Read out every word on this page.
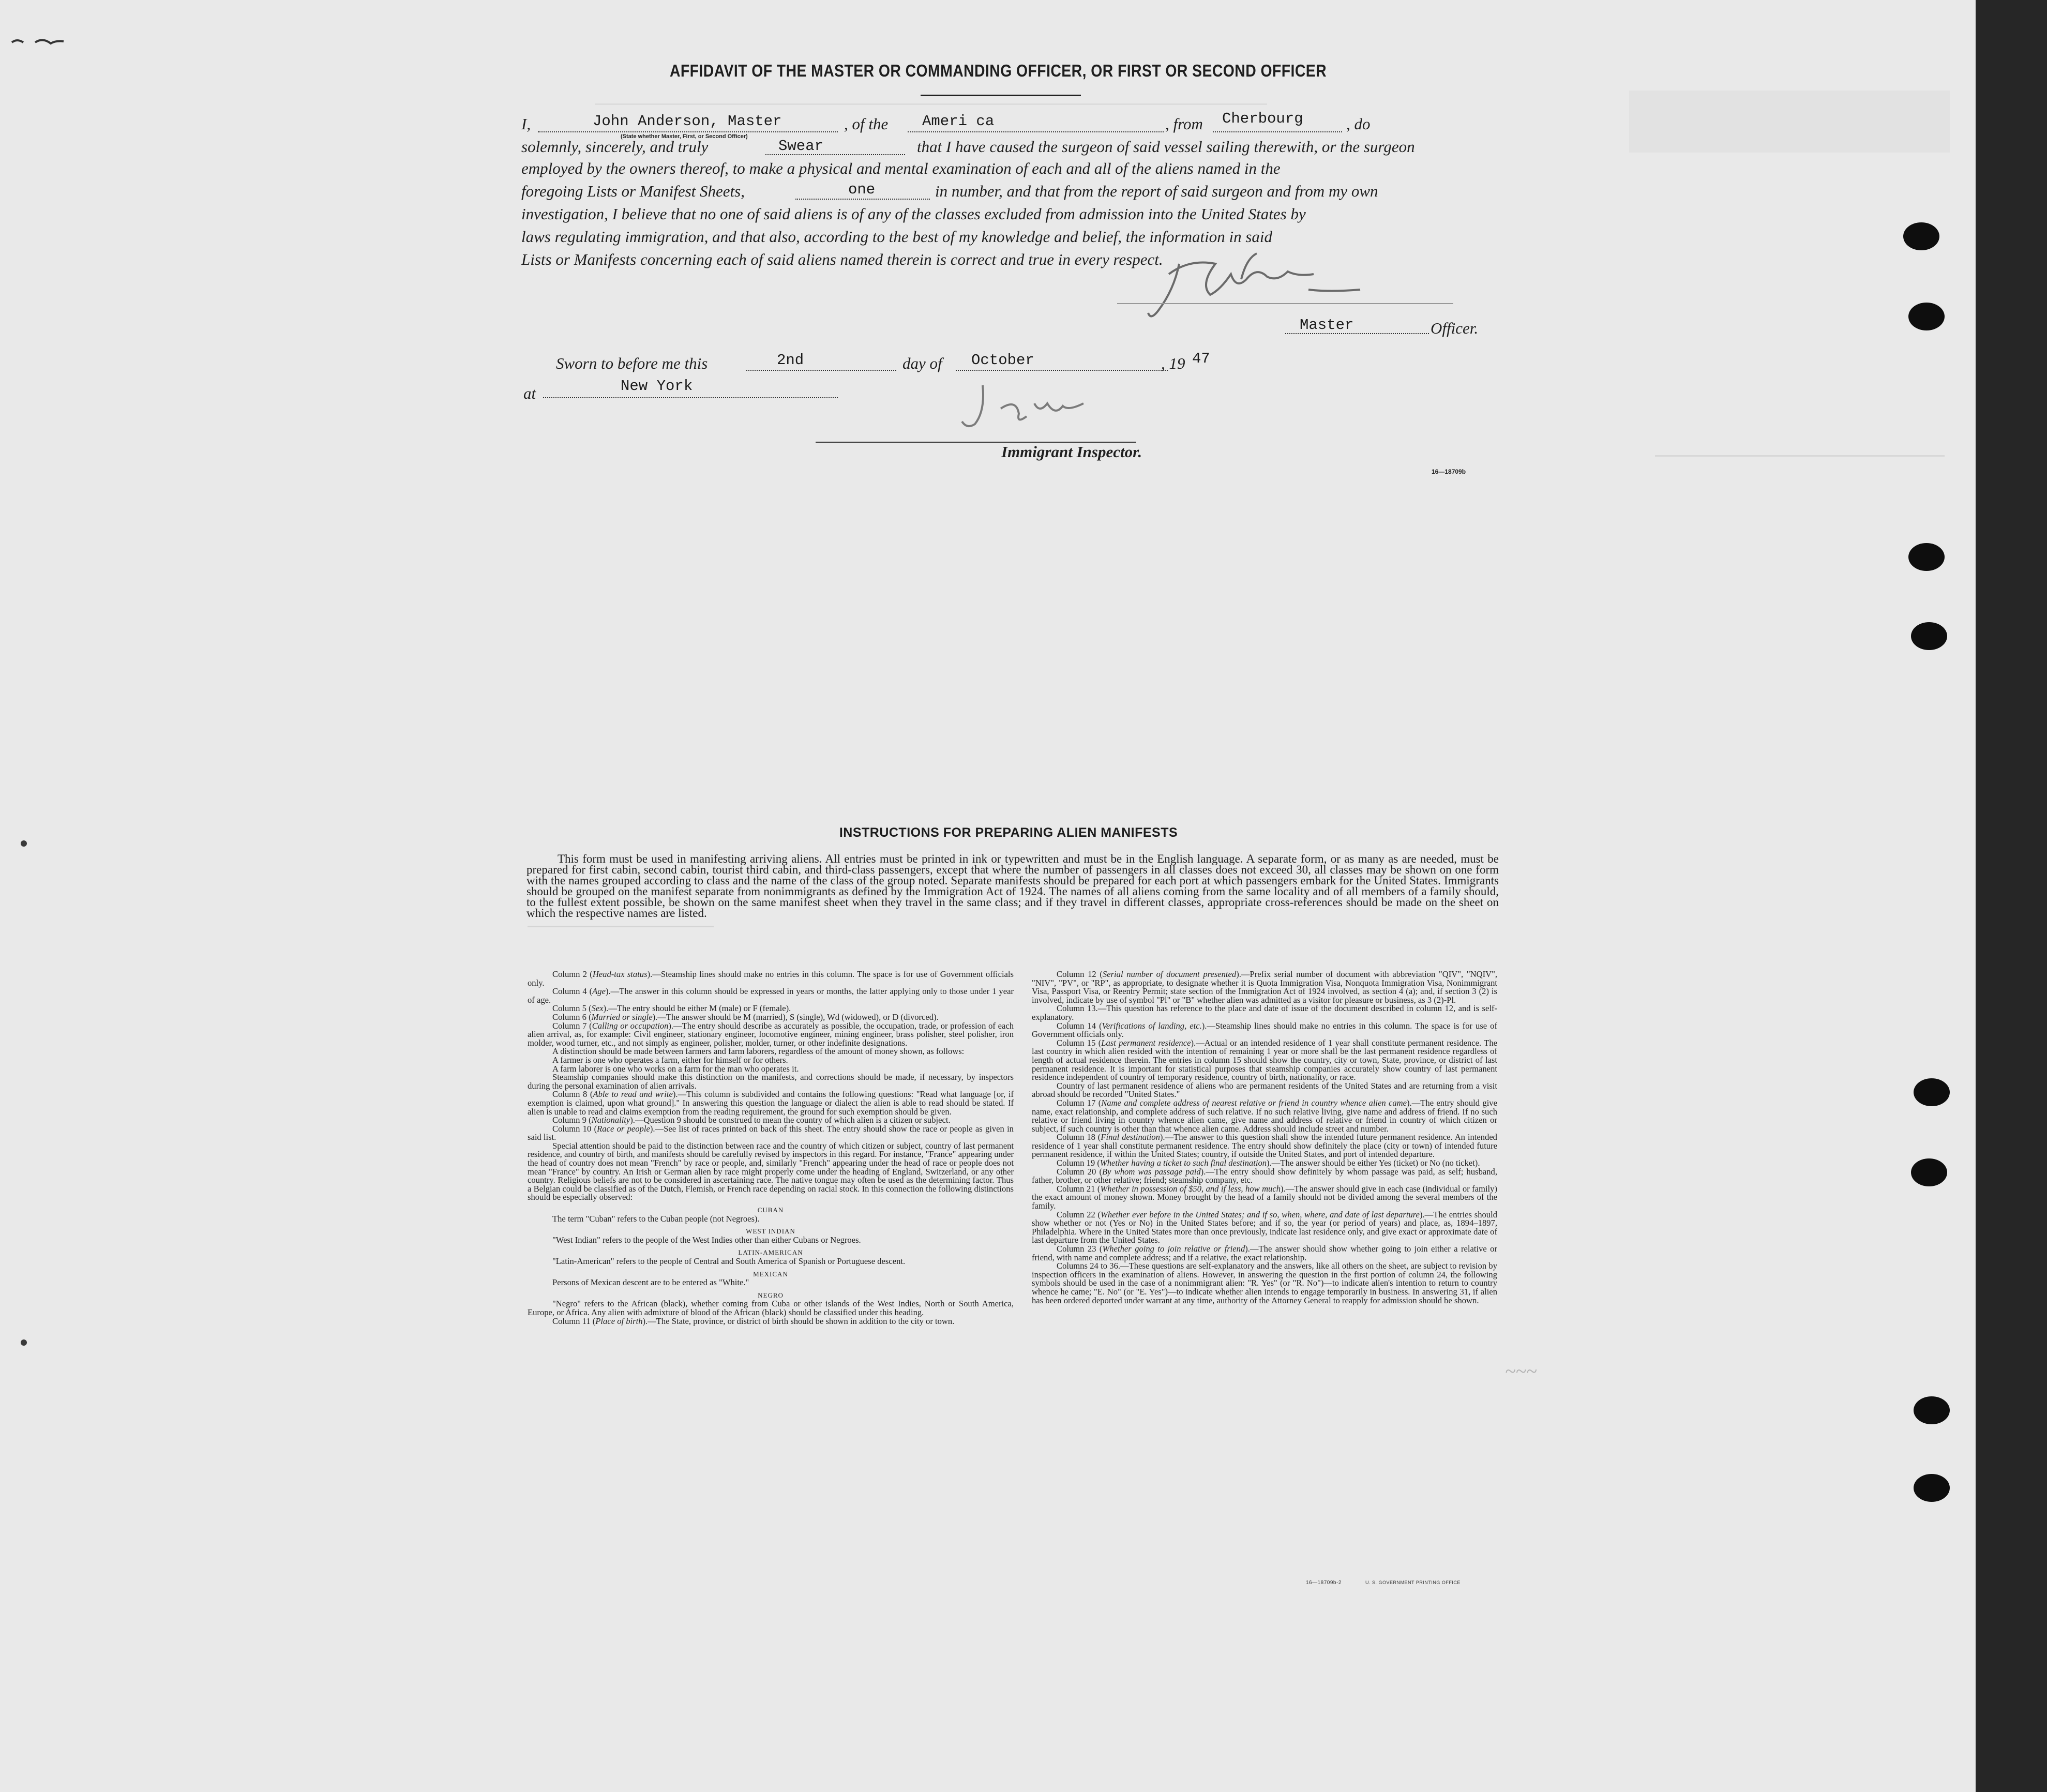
AFFIDAVIT OF THE MASTER OR COMMANDING OFFICER, OR FIRST OR SECOND OFFICER
I,	, of the	, from	, do
John Anderson, Master
(State whether Master, First, or Second Officer)
Ameri ca	Cherbourg
solemnly, sincerely, and truly	that I have caused the surgeon of said vessel sailing therewith, or the surgeon
Swear
employed by the owners thereof, to make a physical and mental examination of each and all of the aliens named in the
foregoing Lists or Manifest Sheets,	in number, and that from the report of said surgeon and from my own
one
investigation, I believe that no one of said aliens is of any of the classes excluded from admission into the United States by
laws regulating immigration, and that also, according to the best of my knowledge and belief, the information in said
Lists or Manifests concerning each of said aliens named therein is correct and true in every respect.
Master	Officer.
Sworn to before me this	day of	, 19
2nd	October	47
at	New York
Immigrant Inspector.
16—18709b
INSTRUCTIONS FOR PREPARING ALIEN MANIFESTS
This form must be used in manifesting arriving aliens. All entries must be printed in ink or typewritten and must be in the English language. A separate form, or as many as are needed, must be prepared for first cabin, second cabin, tourist third cabin, and third-class passengers, except that where the number of passengers in all classes does not exceed 30, all classes may be shown on one form with the names grouped according to class and the name of the class of the group noted. Separate manifests should be prepared for each port at which passengers embark for the United States. Immigrants should be grouped on the manifest separate from nonimmigrants as defined by the Immigration Act of 1924. The names of all aliens coming from the same locality and of all members of a family should, to the fullest extent possible, be shown on the same manifest sheet when they travel in the same class; and if they travel in different classes, appropriate cross-references should be made on the sheet on which the respective names are listed.

Column 2 (Head-tax status).—Steamship lines should make no entries in this column. The space is for use of Government officials only.

Column 4 (Age).—The answer in this column should be expressed in years or months, the latter applying only to those under 1 year of age.

Column 5 (Sex).—The entry should be either M (male) or F (female).

Column 6 (Married or single).—The answer should be M (married), S (single), Wd (widowed), or D (divorced).

Column 7 (Calling or occupation).—The entry should describe as accurately as possible, the occupation, trade, or profession of each alien arrival, as, for example: Civil engineer, stationary engineer, locomotive engineer, mining engineer, brass polisher, steel polisher, iron molder, wood turner, etc., and not simply as engineer, polisher, molder, turner, or other indefinite designations.

A distinction should be made between farmers and farm laborers, regardless of the amount of money shown, as follows:

A farmer is one who operates a farm, either for himself or for others.

A farm laborer is one who works on a farm for the man who operates it.

Steamship companies should make this distinction on the manifests, and corrections should be made, if necessary, by inspectors during the personal examination of alien arrivals.

Column 8 (Able to read and write).—This column is subdivided and contains the following questions: "Read what language [or, if exemption is claimed, upon what ground]." In answering this question the language or dialect the alien is able to read should be stated. If alien is unable to read and claims exemption from the reading requirement, the ground for such exemption should be given.

Column 9 (Nationality).—Question 9 should be construed to mean the country of which alien is a citizen or subject.

Column 10 (Race or people).—See list of races printed on back of this sheet. The entry should show the race or people as given in said list.

Special attention should be paid to the distinction between race and the country of which citizen or subject, country of last permanent residence, and country of birth, and manifests should be carefully revised by inspectors in this regard. For instance, "France" appearing under the head of country does not mean "French" by race or people, and, similarly "French" appearing under the head of race or people does not mean "France" by country. An Irish or German alien by race might properly come under the heading of England, Switzerland, or any other country. Religious beliefs are not to be considered in ascertaining race. The native tongue may often be used as the determining factor. Thus a Belgian could be classified as of the Dutch, Flemish, or French race depending on racial stock. In this connection the following distinctions should be especially observed:

CUBAN

The term "Cuban" refers to the Cuban people (not Negroes).

WEST INDIAN

"West Indian" refers to the people of the West Indies other than either Cubans or Negroes.

LATIN-AMERICAN

"Latin-American" refers to the people of Central and South America of Spanish or Portuguese descent.

MEXICAN

Persons of Mexican descent are to be entered as "White."

NEGRO

"Negro" refers to the African (black), whether coming from Cuba or other islands of the West Indies, North or South America, Europe, or Africa. Any alien with admixture of blood of the African (black) should be classified under this heading.

Column 11 (Place of birth).—The State, province, or district of birth should be shown in addition to the city or town.

Column 12 (Serial number of document presented).—Prefix serial number of document with abbreviation "QIV", "NQIV", "NIV", "PV", or "RP", as appropriate, to designate whether it is Quota Immigration Visa, Nonquota Immigration Visa, Nonimmigrant Visa, Passport Visa, or Reentry Permit; state section of the Immigration Act of 1924 involved, as section 4 (a); and, if section 3 (2) is involved, indicate by use of symbol "Pl" or "B" whether alien was admitted as a visitor for pleasure or business, as 3 (2)-Pl.

Column 13.—This question has reference to the place and date of issue of the document described in column 12, and is self-explanatory.

Column 14 (Verifications of landing, etc.).—Steamship lines should make no entries in this column. The space is for use of Government officials only.

Column 15 (Last permanent residence).—Actual or an intended residence of 1 year shall constitute permanent residence. The last country in which alien resided with the intention of remaining 1 year or more shall be the last permanent residence regardless of length of actual residence therein. The entries in column 15 should show the country, city or town, State, province, or district of last permanent residence. It is important for statistical purposes that steamship companies accurately show country of last permanent residence independent of country of temporary residence, country of birth, nationality, or race.

Country of last permanent residence of aliens who are permanent residents of the United States and are returning from a visit abroad should be recorded "United States."

Column 17 (Name and complete address of nearest relative or friend in country whence alien came).—The entry should give name, exact relationship, and complete address of such relative. If no such relative living, give name and address of friend. If no such relative or friend living in country whence alien came, give name and address of relative or friend in country of which citizen or subject, if such country is other than that whence alien came. Address should include street and number.

Column 18 (Final destination).—The answer to this question shall show the intended future permanent residence. An intended residence of 1 year shall constitute permanent residence. The entry should show definitely the place (city or town) of intended future permanent residence, if within the United States; country, if outside the United States, and port of intended departure.

Column 19 (Whether having a ticket to such final destination).—The answer should be either Yes (ticket) or No (no ticket).

Column 20 (By whom was passage paid).—The entry should show definitely by whom passage was paid, as self; husband, father, brother, or other relative; friend; steamship company, etc.

Column 21 (Whether in possession of $50, and if less, how much).—The answer should give in each case (individual or family) the exact amount of money shown. Money brought by the head of a family should not be divided among the several members of the family.

Column 22 (Whether ever before in the United States; and if so, when, where, and date of last departure).—The entries should show whether or not (Yes or No) in the United States before; and if so, the year (or period of years) and place, as, 1894–1897, Philadelphia. Where in the United States more than once previously, indicate last residence only, and give exact or approximate date of last departure from the United States.

Column 23 (Whether going to join relative or friend).—The answer should show whether going to join either a relative or friend, with name and complete address; and if a relative, the exact relationship.

Columns 24 to 36.—These questions are self-explanatory and the answers, like all others on the sheet, are subject to revision by inspection officers in the examination of aliens. However, in answering the question in the first portion of column 24, the following symbols should be used in the case of a nonimmigrant alien: "R. Yes" (or "R. No")—to indicate alien's intention to return to country whence he came; "E. No" (or "E. Yes")—to indicate whether alien intends to engage temporarily in business. In answering 31, if alien has been ordered deported under warrant at any time, authority of the Attorney General to reapply for admission should be shown.

~~~
16—18709b-2	U. S. GOVERNMENT PRINTING OFFICE
